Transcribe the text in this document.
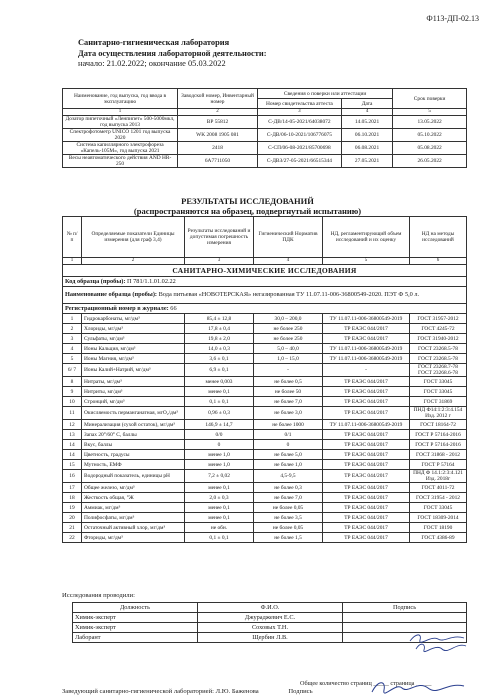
Ф113-ДП-02.13
Санитарно-гигиеническая лаборатория
Дата осуществления лабораторной деятельности:
начало: 21.02.2022; окончание 05.03.2022
Наименование, год выпуска, год ввода в эксплуатацию	Заводской номер, Инвентарный номер	Сведения о поверки или аттестации		Срок поверки
		Номер свидетельства аттеста	Дата	
1	2	3	4	5
Дозатор пипеточный «Ленпипет» 500-5000мкл, год выпуска 2013	ВР 55812	С-ДВ/14-05-2021/64038072	14.05.2021	13.05.2022
Спектрофотометр UNICO 1201 год выпуска 2020	WK 2008 1905 081	С-ДВ/06-10-2021/106776075	06.10.2021	05.10.2022
Система капиллярного электрофореза «Капель-105М», год выпуска 2021	2418	С-СП/06-08-2021/85700698	06.08.2021	05.08.2022
Весы неавтоматического действия AND HR-250	6А7711050	С-ДВЗ/27-05-2021/66515344	27.05.2021	26.05.2022
РЕЗУЛЬТАТЫ ИССЛЕДОВАНИЙ
(распространяются на образец, подвергнутый испытанию)
№ п/ п	Определяемые показатели Единицы измерения (для граф 3,4)	Результаты исследований и допустимая погрешность измерения	Гигиенический Норматив ПДК	НД, регламентирующий объем исследований и их оценку	НД на методы исследований
1	2	3	4	5	6
САНИТАРНО-ХИМИЧЕСКИЕ ИССЛЕДОВАНИЯ					
Код образца (пробы): П 781/1.1.01.02.22					
Наименование образца (пробы): Вода питьевая «НОВОТЕРСКАЯ» негазированная ТУ 11.07.11-006-36800549-2020. ПЭТ Ф 5,0 л.					
Регистрационный номер в журнале: 66					
1	Гидрокарбонаты, мг/дм³	85,4 ± 12,8	30,0 – 200,0	ТУ 11.07.11-006-36800549-2019	ГОСТ 31957-2012
2	Хлориды, мг/дм³	17,8 ± 0,4	не более 250	ТР ЕАЭС 044/2017	ГОСТ 4245-72
3	Сульфаты, мг/дм³	19,8 ± 2,0	не более 250	ТР ЕАЭС 044/2017	ГОСТ 31940-2012
4	Ионы Кальция, мг/дм³	14,0 ± 0,3	5,0 – 40,0	ТУ 11.07.11-006-36800549-2019	ГОСТ 23268.5-78
5	Ионы Магния, мг/дм³	3,6 ± 0,1	1,0 – 15,0	ТУ 11.07.11-006-36800549-2019	ГОСТ 23268.5-78
6/ 7	Ионы Калий+Натрий, мг/дм³	6,9 ± 0,1	-	-	ГОСТ 23268.7-78 ГОСТ 23268.6-78
8	Нитраты, мг/дм³	менее 0,003	не более 0,5	ТР ЕАЭС 044/2017	ГОСТ 33045
9	Нитриты, мг/дм³	менее 0,1	не более 50	ТР ЕАЭС 044/2017	ГОСТ 33045
10	Стронций, мг/дм³	0,1 ± 0,1	не более 7,0	ТР ЕАЭС 044/2017	ГОСТ 31869
11	Окисляемость перманганатная, мгО₂/дм³	0,96 ± 0,3	не более 3,0	ТР ЕАЭС 044/2017	ПНД Ф14:1:2:3:4.154 Изд. 2012 г
12	Минерализация (сухой остаток), мг/дм³	146,9 ± 14,7	не более 1000	ТУ 11.07.11-006-36800549-2019	ГОСТ 18164-72
13	Запах 20°/60° С, баллы	0/0	0/1	ТР ЕАЭС 044/2017	ГОСТ Р 57164-2016
14	Вкус, баллы	0	0	ТР ЕАЭС 044/2017	ГОСТ Р 57164-2016
14	Цветность, градусы	менее 1,0	не более 5,0	ТР ЕАЭС 044/2017	ГОСТ 31868 - 2012
15	Мутность, ЕМФ	менее 1,0	не более 1,0	ТР ЕАЭС 044/2017	ГОСТ Р 57164
16	Водородный показатель, единицы рН	7,2 ± 0,02	4,5-9,5	ТР ЕАЭС 044/2017	ПНД Ф 14.1:2:3:4.121 Изд. 2018г
17	Общее железо, мг/дм³	менее 0,1	не более 0,3	ТР ЕАЭС 044/2017	ГОСТ 4011-72
18	Жесткость общая, °Ж	2,0 ± 0,3	не более 7,0	ТР ЕАЭС 044/2017	ГОСТ 31954 - 2012
19	Аммиак, мг/дм³	менее 0,1	не более 0,05	ТР ЕАЭС 044/2017	ГОСТ 33045
20	Полифосфаты, мг/дм³	менее 0,1	не более 3,5	ТР ЕАЭС 044/2017	ГОСТ 18309-2014
21	Остаточный активный хлор, мг/дм³	не обн.	не более 0,05	ТР ЕАЭС 044/2017	ГОСТ 18190
22	Фториды, мг/дм³	0,1 ± 0,1	не более 1,5	ТР ЕАЭС 044/2017	ГОСТ 4386-89
Исследования проводили:
Должность	Ф.И.О.	Подпись
Химик-эксперт	Джураджевич Е.С.	
Химик-эксперт	Соховых Т.Н.	
Лаборант	Щербин Л.В.	
Заведующий санитарно-гигиенической лабораторией: Л.Ю. Баженова	Подпись
Общее количество страниц _____ страница _____
